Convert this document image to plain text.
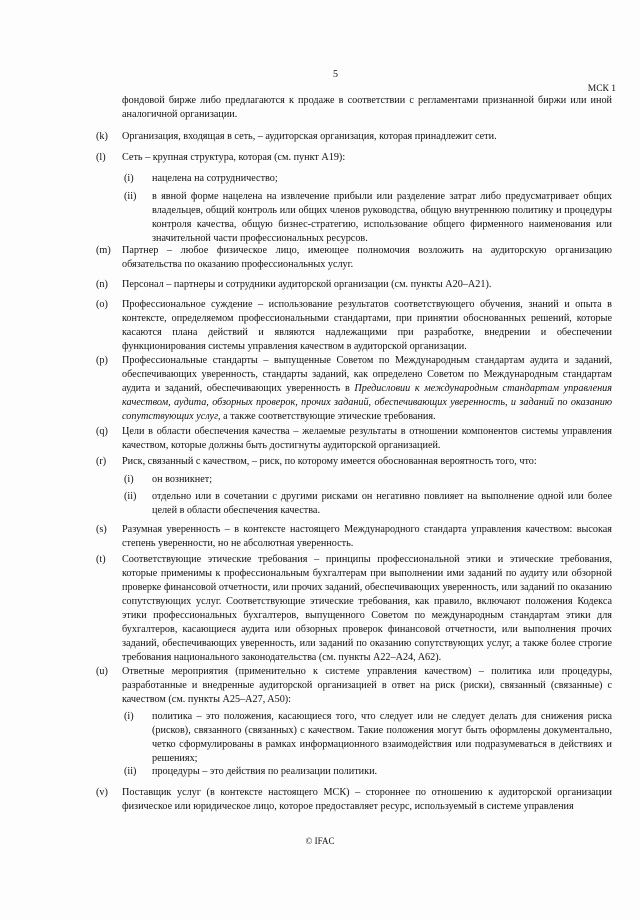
5
МСК 1
фондовой бирже либо предлагаются к продаже в соответствии с регламентами признанной биржи или иной аналогичной организации.
(k) Организация, входящая в сеть, – аудиторская организация, которая принадлежит сети.
(l) Сеть – крупная структура, которая (см. пункт A19):
(i) нацелена на сотрудничество;
(ii) в явной форме нацелена на извлечение прибыли или разделение затрат либо предусматривает общих владельцев, общий контроль или общих членов руководства, общую внутреннюю политику и процедуры контроля качества, общую бизнес-стратегию, использование общего фирменного наименования или значительной части профессиональных ресурсов.
(m) Партнер – любое физическое лицо, имеющее полномочия возложить на аудиторскую организацию обязательства по оказанию профессиональных услуг.
(n) Персонал – партнеры и сотрудники аудиторской организации (см. пункты A20–A21).
(o) Профессиональное суждение – использование результатов соответствующего обучения, знаний и опыта в контексте, определяемом профессиональными стандартами, при принятии обоснованных решений, которые касаются плана действий и являются надлежащими при разработке, внедрении и обеспечении функционирования системы управления качеством в аудиторской организации.
(p) Профессиональные стандарты – выпущенные Советом по Международным стандартам аудита и заданий, обеспечивающих уверенность, стандарты заданий, как определено Советом по Международным стандартам аудита и заданий, обеспечивающих уверенность в Предисловии к международным стандартам управления качеством, аудита, обзорных проверок, прочих заданий, обеспечивающих уверенность, и заданий по оказанию сопутствующих услуг, а также соответствующие этические требования.
(q) Цели в области обеспечения качества – желаемые результаты в отношении компонентов системы управления качеством, которые должны быть достигнуты аудиторской организацией.
(r) Риск, связанный с качеством, – риск, по которому имеется обоснованная вероятность того, что:
(i) он возникнет;
(ii) отдельно или в сочетании с другими рисками он негативно повлияет на выполнение одной или более целей в области обеспечения качества.
(s) Разумная уверенность – в контексте настоящего Международного стандарта управления качеством: высокая степень уверенности, но не абсолютная уверенность.
(t) Соответствующие этические требования – принципы профессиональной этики и этические требования, которые применимы к профессиональным бухгалтерам при выполнении ими заданий по аудиту или обзорной проверке финансовой отчетности, или прочих заданий, обеспечивающих уверенность, или заданий по оказанию сопутствующих услуг. Соответствующие этические требования, как правило, включают положения Кодекса этики профессиональных бухгалтеров, выпущенного Советом по международным стандартам этики для бухгалтеров, касающиеся аудита или обзорных проверок финансовой отчетности, или выполнения прочих заданий, обеспечивающих уверенность, или заданий по оказанию сопутствующих услуг, а также более строгие требования национального законодательства (см. пункты A22–A24, A62).
(u) Ответные мероприятия (применительно к системе управления качеством) – политика или процедуры, разработанные и внедренные аудиторской организацией в ответ на риск (риски), связанный (связанные) с качеством (см. пункты A25–A27, A50):
(i) политика – это положения, касающиеся того, что следует или не следует делать для снижения риска (рисков), связанного (связанных) с качеством. Такие положения могут быть оформлены документально, четко сформулированы в рамках информационного взаимодействия или подразумеваться в действиях и решениях;
(ii) процедуры – это действия по реализации политики.
(v) Поставщик услуг (в контексте настоящего МСК) – стороннее по отношению к аудиторской организации физическое или юридическое лицо, которое предоставляет ресурс, используемый в системе управления
© IFAC
